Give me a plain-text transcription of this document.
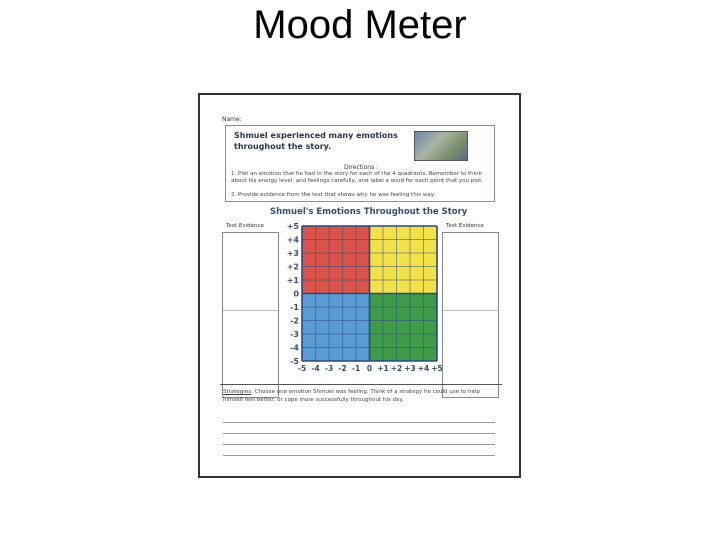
Mood Meter
Name:
Shmuel experienced many emotions throughout the story.
Directions :
1. Plot an emotion that he had in the story for each of the 4 quadrants. Remember to think about his energy level, and feelings carefully, and label a word for each point that you plot.
2. Provide evidence from the text that shows why he was feeling this way.
Shmuel's Emotions Throughout the Story
Text Evidence	Text Evidence
+5
+4
+3
+2
+1
0
-1
-2
-3
-4
-5
-5 -4 -3 -2 -1 0 +1 +2 +3 +4 +5
Strategies: Choose one emotion Shmuel was feeling. Think of a strategy he could use to help himself feel better, or cope more successfully throughout his day.
